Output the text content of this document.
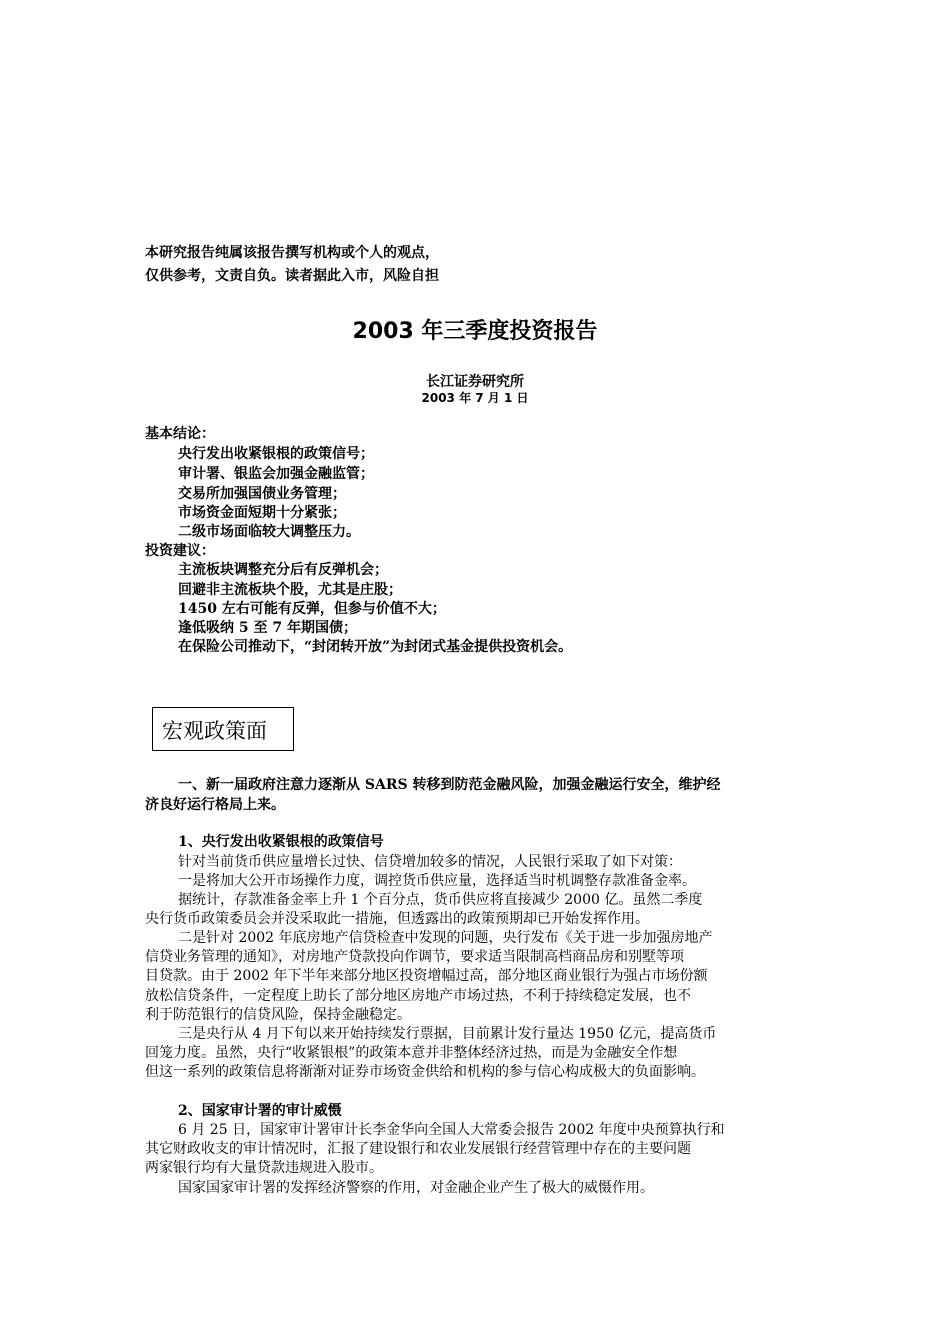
本研究报告纯属该报告撰写机构或个人的观点，
仅供参考，文责自负。读者据此入市，风险自担
2003 年三季度投资报告
长江证券研究所
2003 年 7 月 1 日
基本结论：
央行发出收紧银根的政策信号；
审计署、银监会加强金融监管；
交易所加强国债业务管理；
市场资金面短期十分紧张；
二级市场面临较大调整压力。
投资建议：
主流板块调整充分后有反弹机会；
回避非主流板块个股，尤其是庄股；
1450 左右可能有反弹，但参与价值不大；
逢低吸纳 5 至 7 年期国债；
在保险公司推动下，“封闭转开放”为封闭式基金提供投资机会。
宏观政策面
一、新一届政府注意力逐渐从 SARS 转移到防范金融风险，加强金融运行安全，维护经
济良好运行格局上来。
1、央行发出收紧银根的政策信号
针对当前货币供应量增长过快、信贷增加较多的情况，人民银行采取了如下对策：
一是将加大公开市场操作力度，调控货币供应量，选择适当时机调整存款准备金率。
据统计，存款准备金率上升 1 个百分点，货币供应将直接减少 2000 亿。虽然二季度
央行货币政策委员会并没采取此一措施，但透露出的政策预期却已开始发挥作用。
二是针对 2002 年底房地产信贷检查中发现的问题，央行发布《关于进一步加强房地产
信贷业务管理的通知》，对房地产贷款投向作调节，要求适当限制高档商品房和别墅等项
目贷款。由于 2002 年下半年来部分地区投资增幅过高，部分地区商业银行为强占市场份额
放松信贷条件，一定程度上助长了部分地区房地产市场过热，不利于持续稳定发展，也不
利于防范银行的信贷风险，保持金融稳定。
三是央行从 4 月下旬以来开始持续发行票据，目前累计发行量达 1950 亿元，提高货币
回笼力度。虽然，央行“收紧银根”的政策本意并非整体经济过热，而是为金融安全作想
但这一系列的政策信息将渐渐对证券市场资金供给和机构的参与信心构成极大的负面影响。
2、国家审计署的审计威慑
6 月 25 日，国家审计署审计长李金华向全国人大常委会报告 2002 年度中央预算执行和
其它财政收支的审计情况时，汇报了建设银行和农业发展银行经营管理中存在的主要问题
两家银行均有大量贷款违规进入股市。
国家国家审计署的发挥经济警察的作用，对金融企业产生了极大的威慑作用。
